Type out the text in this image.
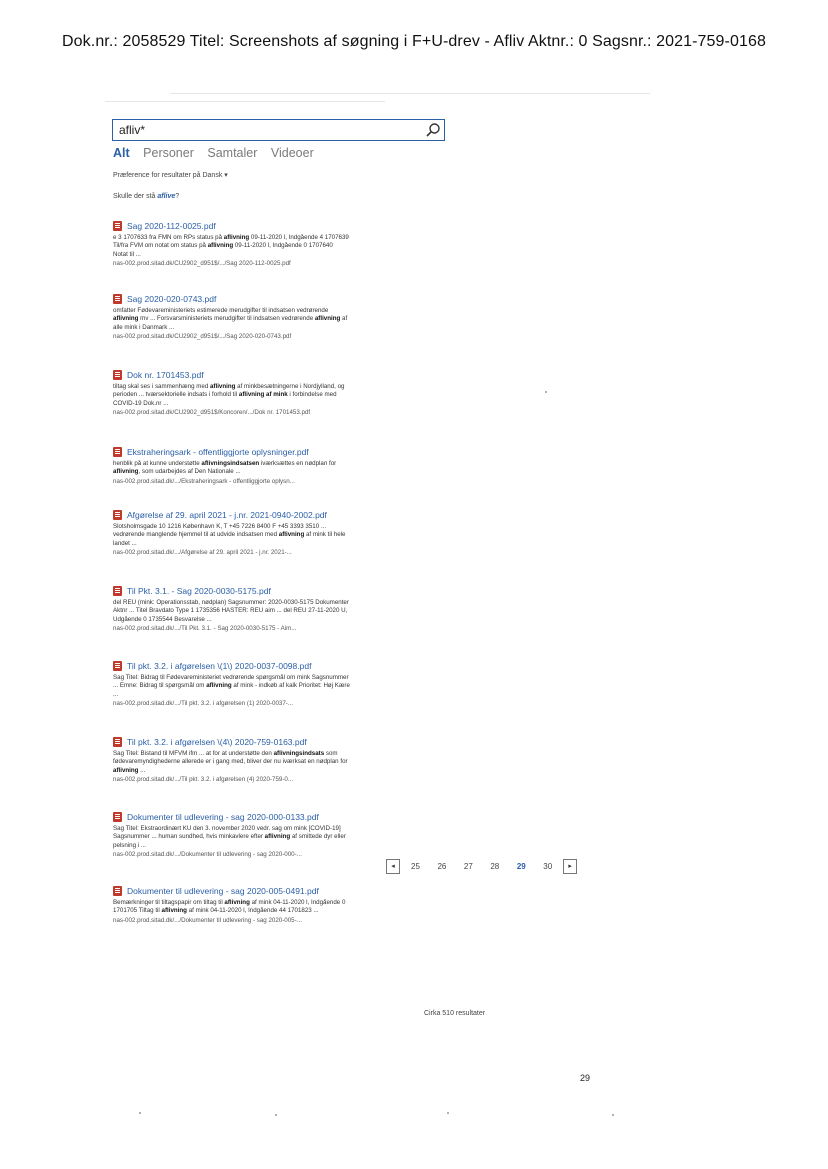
Dok.nr.: 2058529 Titel: Screenshots af søgning i F+U-drev - Afliv Aktnr.: 0 Sagsnr.: 2021-759-0168
afliv*
Alt Personer Samtaler Videoer
Præference for resultater på Dansk ▾
Skulle der stå aflive?
Sag 2020-112-0025.pdf
e 3 1707633 fra FMN om RPs status på aflivning 09-11-2020 l, Indgående 4 1707639
Til/fra FVM om notat om status på aflivning 09-11-2020 l, Indgående 0 1707640
Notat til ...
nas-002.prod.sitad.dk/CU2902_d951$/.../Sag 2020-112-0025.pdf
Sag 2020-020-0743.pdf
omfatter Fødevareministeriets estimerede merudgifter til indsatsen vedrørende
aflivning mv ... Forsvarsministeriets merudgifter til indsatsen vedrørende aflivning af
alle mink i Danmark ...
nas-002.prod.sitad.dk/CU2902_d951$/.../Sag 2020-020-0743.pdf
Dok nr. 1701453.pdf
tiltag skal ses i sammenhæng med aflivning af minkbesætningerne i Nordjylland, og
perioden ... tværsektorielle indsats i forhold til aflivning af mink i forbindelse med
COVID-19 Dok.nr ...
nas-002.prod.sitad.dk/CU2902_d951$/Koncoren/.../Dok nr. 1701453.pdf
Ekstraheringsark - offentliggjorte oplysninger.pdf
henblik på at kunne understøtte aflivningsindsatsen iværksættes en nødplan for
aflivning, som udarbejdes af Den Nationale ...
nas-002.prod.sitad.dk/.../Ekstraheringsark - offentliggjorte oplysn...
Afgørelse af 29. april 2021 - j.nr. 2021-0940-2002.pdf
Slotsholmsgade 10 1216 København K, T +45 7226 8400 F +45 3393 3510 ...
vedrørende manglende hjemmel til at udvide indsatsen med aflivning af mink til hele
landet ...
nas-002.prod.sitad.dk/.../Afgørelse af 29. april 2021 - j.nr. 2021-...
Til Pkt. 3.1. - Sag 2020-0030-5175.pdf
del REU (mink: Operationsstab, nødplan) Sagsnummer: 2020-0030-5175 Dokumenter
Aktnr ... Titel Bravdato Type 1 1735356 HASTER: REU aim ... del REU 27-11-2020 U,
Udgående 0 1735544 Besvarelse ...
nas-002.prod.sitad.dk/.../Til Pkt. 3.1. - Sag 2020-0030-5175 - Aim...
Til pkt. 3.2. i afgørelsen \(1\) 2020-0037-0098.pdf
Sag Titel: Bidrag til Fødevareministeriet vedrørende spørgsmål om mink Sagsnummer
... Emne: Bidrag til spørgsmål om aflivning af mink - indkøb af kalk Prioritet: Høj Kære
...
nas-002.prod.sitad.dk/.../Til pkt. 3.2. i afgørelsen (1) 2020-0037-...
Til pkt. 3.2. i afgørelsen \(4\) 2020-759-0163.pdf
Sag Titel: Bistand til MFVM ifm ... at for at understøtte den aflivningsindsats som
fødevaremyndighederne allerede er i gang med, bliver der nu iværksat en nødplan for
aflivning ...
nas-002.prod.sitad.dk/.../Til pkt. 3.2. i afgørelsen (4) 2020-759-0...
Dokumenter til udlevering - sag 2020-000-0133.pdf
Sag Titel: Ekstraordinært KU den 3. november 2020 vedr. sag om mink [COVID-19]
Sagsnummer ... human sundhed, hvis minkavlere efter aflivning af smittede dyr eller
pelsning i ...
nas-002.prod.sitad.dk/.../Dokumenter til udlevering - sag 2020-000-...
Dokumenter til udlevering - sag 2020-005-0491.pdf
Bemærkninger til tiltagspapir om tiltag til aflivning af mink 04-11-2020 l, Indgående 0
1701705 Tiltag til aflivning af mink 04-11-2020 l, Indgående 44 1701823 ...
nas-002.prod.sitad.dk/.../Dokumenter til udlevering - sag 2020-005-...
◂ 25 26 27 28 29 30 ▸
Cirka 510 resultater
29
